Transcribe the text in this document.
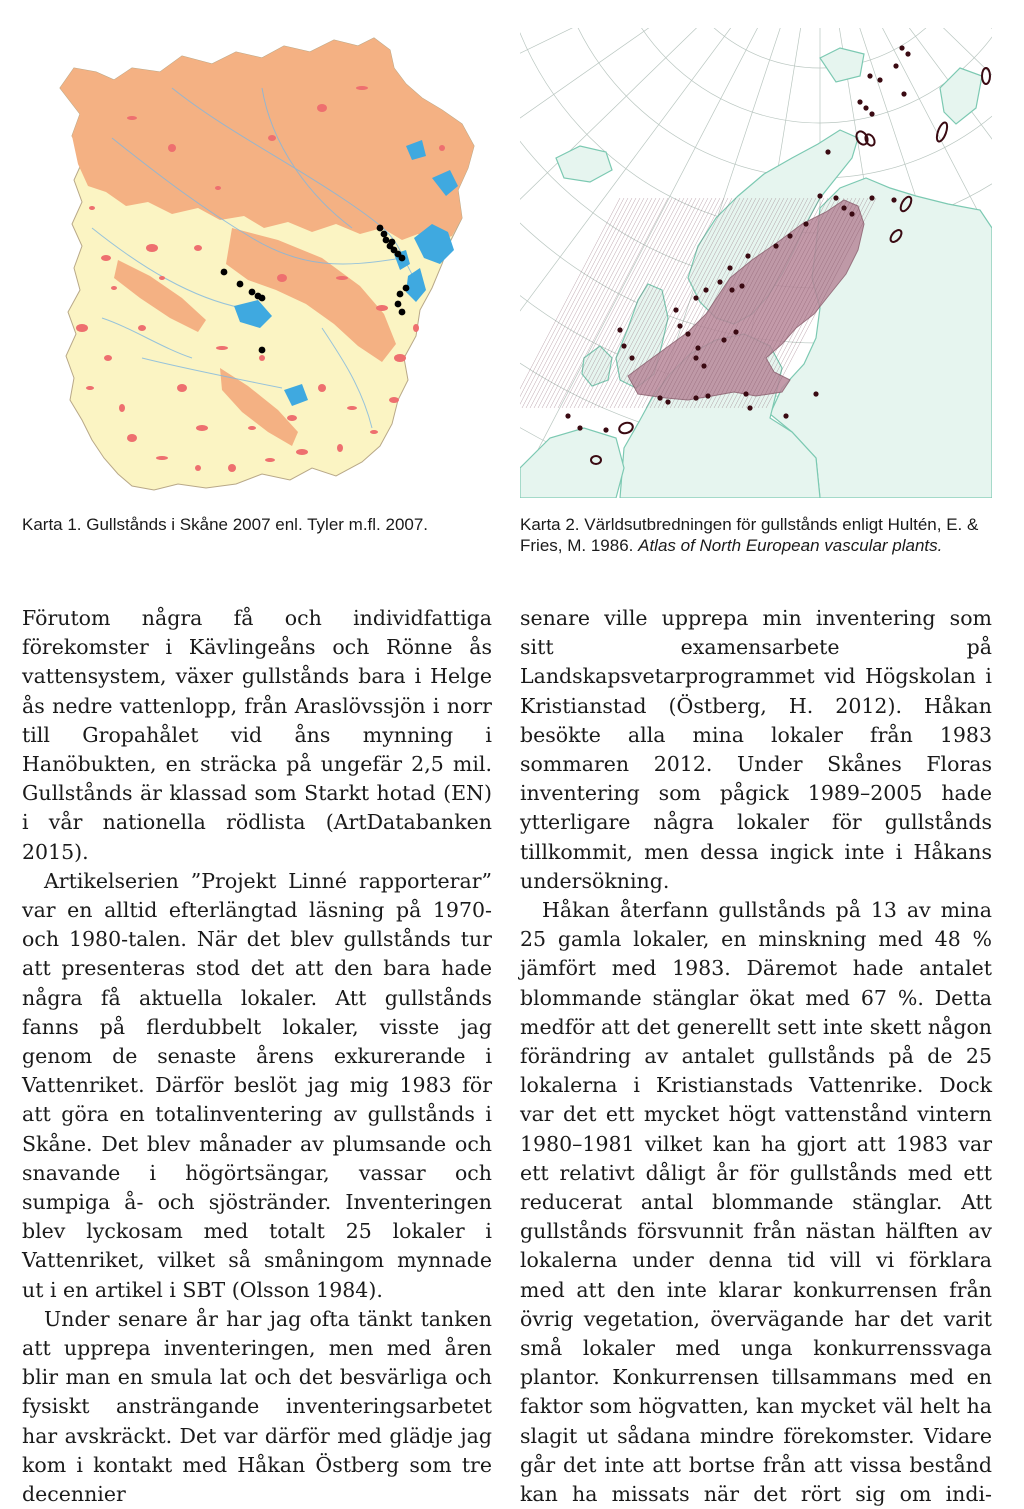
Karta 1. Gullstånds i Skåne 2007 enl. Tyler m.fl. 2007.	Karta 2. Världsutbredningen för gullstånds enligt Hultén, E. & Fries, M. 1986. Atlas of North European vascular plants.

Förutom några få och individfattiga förekomster i Kävlingeåns och Rönne ås vattensystem, växer gullstånds bara i Helge ås nedre vattenlopp, från Araslövssjön i norr till Gropahålet vid åns mynning i Hanöbukten, en sträcka på ungefär 2,5 mil. Gullstånds är klassad som Starkt hotad (EN) i vår nationella rödlista (ArtDatabanken 2015).

Artikelserien ”Projekt Linné rapporterar” var en alltid efterlängtad läsning på 1970- och 1980-talen. När det blev gullstånds tur att presenteras stod det att den bara hade några få aktuella lokaler. Att gullstånds fanns på flerdubbelt lokaler, visste jag genom de senaste årens exkurerande i Vattenriket. Därför beslöt jag mig 1983 för att göra en totalinventering av gullstånds i Skåne. Det blev månader av plumsande och snavande i högörtsängar, vassar och sumpiga å- och sjöstränder. Inventeringen blev lyckosam med totalt 25 lokaler i Vattenriket, vilket så småningom mynnade ut i en artikel i SBT (Olsson 1984).

Under senare år har jag ofta tänkt tanken att upprepa inventeringen, men med åren blir man en smula lat och det besvärliga och fysiskt ansträngande inventeringsarbetet har avskräckt. Det var därför med glädje jag kom i kontakt med Håkan Östberg som tre decennier

senare ville upprepa min inventering som sitt examensarbete på Landskapsvetarprogrammet vid Högskolan i Kristianstad (Östberg, H. 2012). Håkan besökte alla mina lokaler från 1983 sommaren 2012. Under Skånes Floras inventering som pågick 1989–2005 hade ytterligare några lokaler för gullstånds tillkommit, men dessa ingick inte i Håkans undersökning.

Håkan återfann gullstånds på 13 av mina 25 gamla lokaler, en minskning med 48 % jämfört med 1983. Däremot hade antalet blommande stänglar ökat med 67 %. Detta medför att det generellt sett inte skett någon förändring av antalet gullstånds på de 25 lokalerna i Kristianstads Vattenrike. Dock var det ett mycket högt vattenstånd vintern 1980–1981 vilket kan ha gjort att 1983 var ett relativt dåligt år för gullstånds med ett reducerat antal blommande stänglar. Att gullstånds försvunnit från nästan hälften av lokalerna under denna tid vill vi förklara med att den inte klarar konkurrensen från övrig vegetation, övervägande har det varit små lokaler med unga konkurrenssvaga plantor. Konkurrensen tillsammans med en faktor som högvatten, kan mycket väl helt ha slagit ut sådana mindre förekomster. Vidare går det inte att bortse från att vissa bestånd kan ha missats när det rört sig om indi-
